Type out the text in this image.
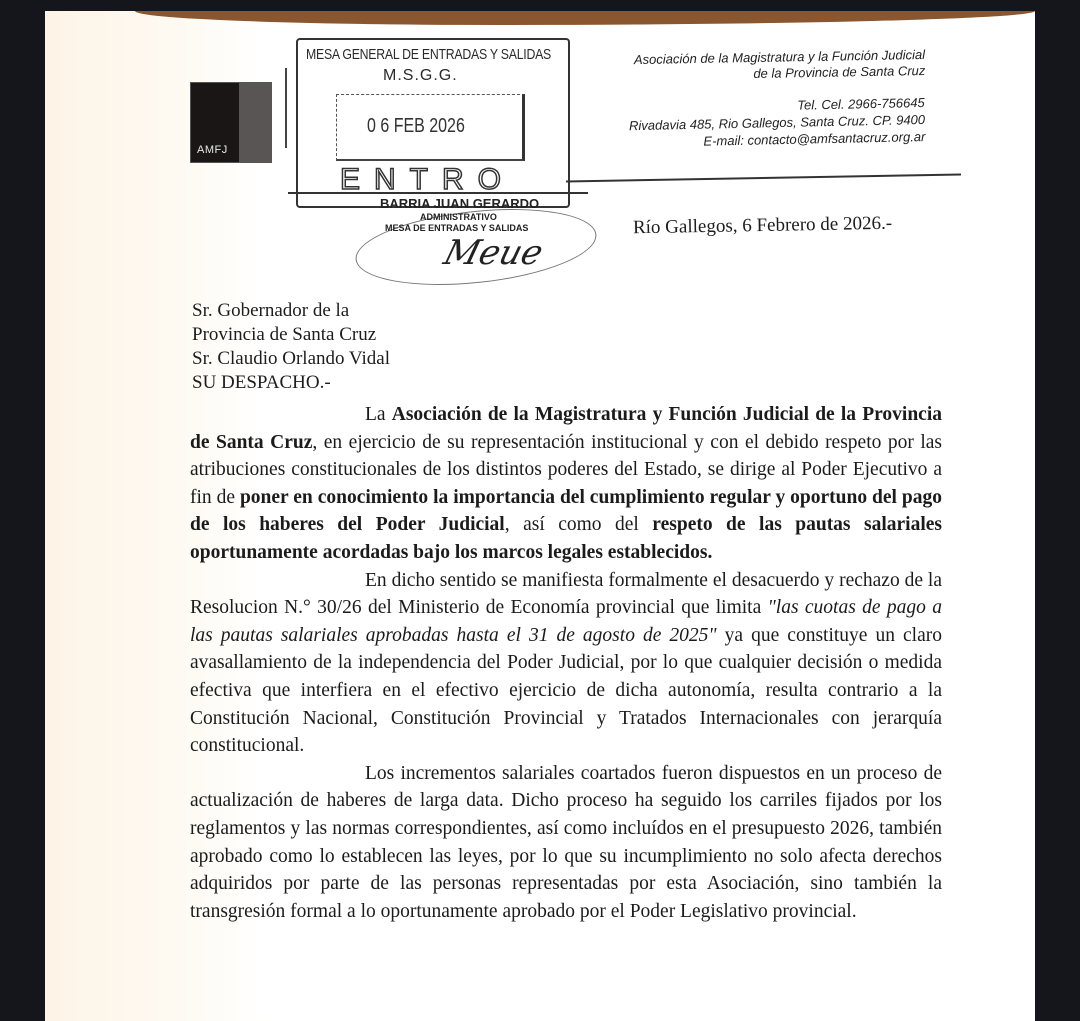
AMFJ
MESA GENERAL DE ENTRADAS Y SALIDAS
M.S.G.G.
0 6 FEB 2026
ENTRO
BARRIA JUAN GERARDO
ADMINISTRATIVO
MESA DE ENTRADAS Y SALIDAS
Meue
Asociación de la Magistratura y la Función Judicial
de la Provincia de Santa Cruz
Tel. Cel. 2966-756645
Rivadavia 485, Rio Gallegos, Santa Cruz. CP. 9400
E-mail: contacto@amfsantacruz.org.ar
Río Gallegos, 6 Febrero de 2026.-
Sr. Gobernador de la
Provincia de Santa Cruz
Sr. Claudio Orlando Vidal
SU DESPACHO.-

La Asociación de la Magistratura y Función Judicial de la Provincia de Santa Cruz, en ejercicio de su representación institucional y con el debido respeto por las atribuciones constitucionales de los distintos poderes del Estado, se dirige al Poder Ejecutivo a fin de poner en conocimiento la importancia del cumplimiento regular y oportuno del pago de los haberes del Poder Judicial, así como del respeto de las pautas salariales oportunamente acordadas bajo los marcos legales establecidos.

En dicho sentido se manifiesta formalmente el desacuerdo y rechazo de la Resolucion N.° 30/26 del Ministerio de Economía provincial que limita "las cuotas de pago a las pautas salariales aprobadas hasta el 31 de agosto de 2025" ya que constituye un claro avasallamiento de la independencia del Poder Judicial, por lo que cualquier decisión o medida efectiva que interfiera en el efectivo ejercicio de dicha autonomía, resulta contrario a la Constitución Nacional, Constitución Provincial y Tratados Internacionales con jerarquía constitucional.

Los incrementos salariales coartados fueron dispuestos en un proceso de actualización de haberes de larga data. Dicho proceso ha seguido los carriles fijados por los reglamentos y las normas correspondientes, así como incluídos en el presupuesto 2026, también aprobado como lo establecen las leyes, por lo que su incumplimiento no solo afecta derechos adquiridos por parte de las personas representadas por esta Asociación, sino también la transgresión formal a lo oportunamente aprobado por el Poder Legislativo provincial.
